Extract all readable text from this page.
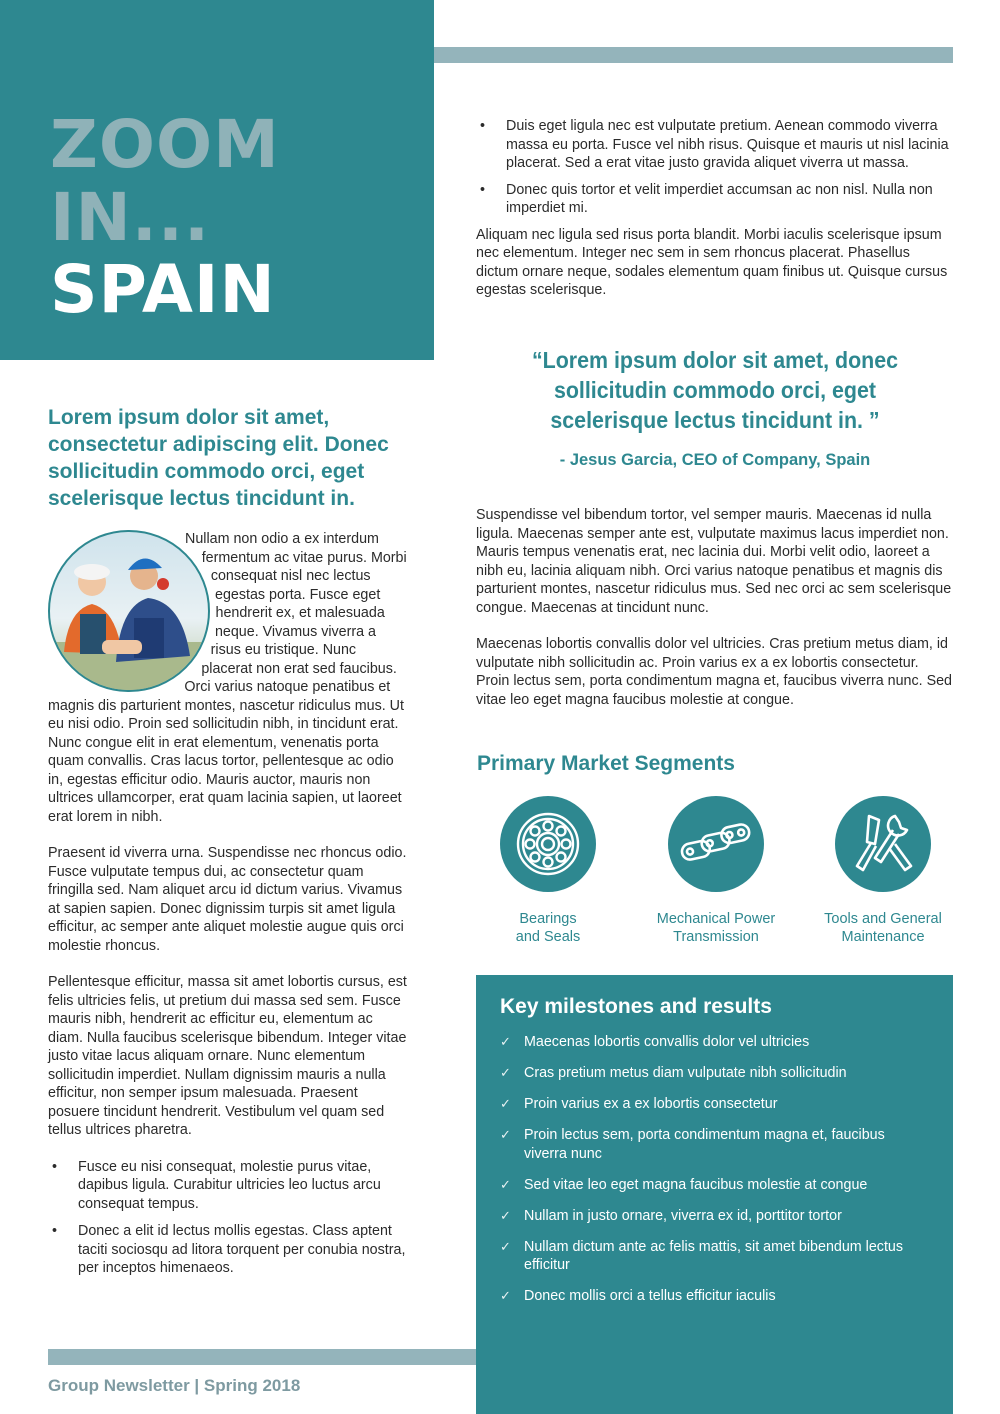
ZOOM
IN...
SPAIN
• Duis eget ligula nec est vulputate pretium. Aenean commodo viverra massa eu porta. Fusce vel nibh risus. Quisque et mauris ut nisl lacinia placerat. Sed a erat vitae justo gravida aliquet viverra ut massa.
• Donec quis tortor et velit imperdiet accumsan ac non nisl. Nulla non imperdiet mi.

Aliquam nec ligula sed risus porta blandit. Morbi iaculis scelerisque ipsum nec elementum. Integer nec sem in sem rhoncus placerat. Phasellus dictum ornare neque, sodales elementum quam finibus ut. Quisque cursus egestas scelerisque.

“Lorem ipsum dolor sit amet, donec sollicitudin commodo orci, eget scelerisque lectus tincidunt in. ”

- Jesus Garcia, CEO of Company, Spain

Suspendisse vel bibendum tortor, vel semper mauris. Maecenas id nulla ligula. Maecenas semper ante est, vulputate maximus lacus imperdiet non. Mauris tempus venenatis erat, nec lacinia dui. Morbi velit odio, laoreet a nibh eu, lacinia aliquam nibh. Orci varius natoque penatibus et magnis dis parturient montes, nascetur ridiculus mus. Sed nec orci ac sem scelerisque congue. Maecenas at tincidunt nunc.

Maecenas lobortis convallis dolor vel ultricies. Cras pretium metus diam, id vulputate nibh sollicitudin ac. Proin varius ex a ex lobortis consectetur. Proin lectus sem, porta condimentum magna et, faucibus viverra nunc. Sed vitae leo eget magna faucibus molestie at congue.

Lorem ipsum dolor sit amet, consectetur adipiscing elit. Donec sollicitudin commodo orci, eget scelerisque lectus tincidunt in.

Nullam non odio a ex interdum fermentum ac vitae purus. Morbi consequat nisl nec lectus egestas porta. Fusce eget hendrerit ex, et malesuada neque. Vivamus viverra a risus eu tristique. Nunc placerat non erat sed faucibus. Orci varius natoque penatibus et magnis dis parturient montes, nascetur ridiculus mus. Ut eu nisi odio. Proin sed sollicitudin nibh, in tincidunt erat. Nunc congue elit in erat elementum, venenatis porta quam convallis. Cras lacus tortor, pellentesque ac odio in, egestas efficitur odio. Mauris auctor, mauris non ultrices ullamcorper, erat quam lacinia sapien, ut laoreet erat lorem in nibh.

Praesent id viverra urna. Suspendisse nec rhoncus odio. Fusce vulputate tempus dui, ac consectetur quam fringilla sed. Nam aliquet arcu id dictum varius. Vivamus at sapien sapien. Donec dignissim turpis sit amet ligula efficitur, ac semper ante aliquet molestie augue quis orci molestie rhoncus.

Pellentesque efficitur, massa sit amet lobortis cursus, est felis ultricies felis, ut pretium dui massa sed sem. Fusce mauris nibh, hendrerit ac efficitur eu, elementum ac diam. Nulla faucibus scelerisque bibendum. Integer vitae justo vitae lacus aliquam ornare. Nunc elementum sollicitudin imperdiet. Nullam dignissim mauris a nulla efficitur, non semper ipsum malesuada. Praesent posuere tincidunt hendrerit. Vestibulum vel quam sed tellus ultrices pharetra.

• Fusce eu nisi consequat, molestie purus vitae, dapibus ligula. Curabitur ultricies leo luctus arcu consequat tempus.
• Donec a elit id lectus mollis egestas. Class aptent taciti sociosqu ad litora torquent per conubia nostra, per inceptos himenaeos.
Primary Market Segments
Bearings
and Seals
Mechanical Power
Transmission
Tools and General
Maintenance
Key milestones and results
✓ Maecenas lobortis convallis dolor vel ultricies
✓ Cras pretium metus diam vulputate nibh sollicitudin
✓ Proin varius ex a ex lobortis consectetur
✓ Proin lectus sem, porta condimentum magna et, faucibus viverra nunc
✓ Sed vitae leo eget magna faucibus molestie at congue
✓ Nullam in justo ornare, viverra ex id, porttitor tortor
✓ Nullam dictum ante ac felis mattis, sit amet bibendum lectus efficitur
✓ Donec mollis orci a tellus efficitur iaculis

Group Newsletter | Spring 2018
